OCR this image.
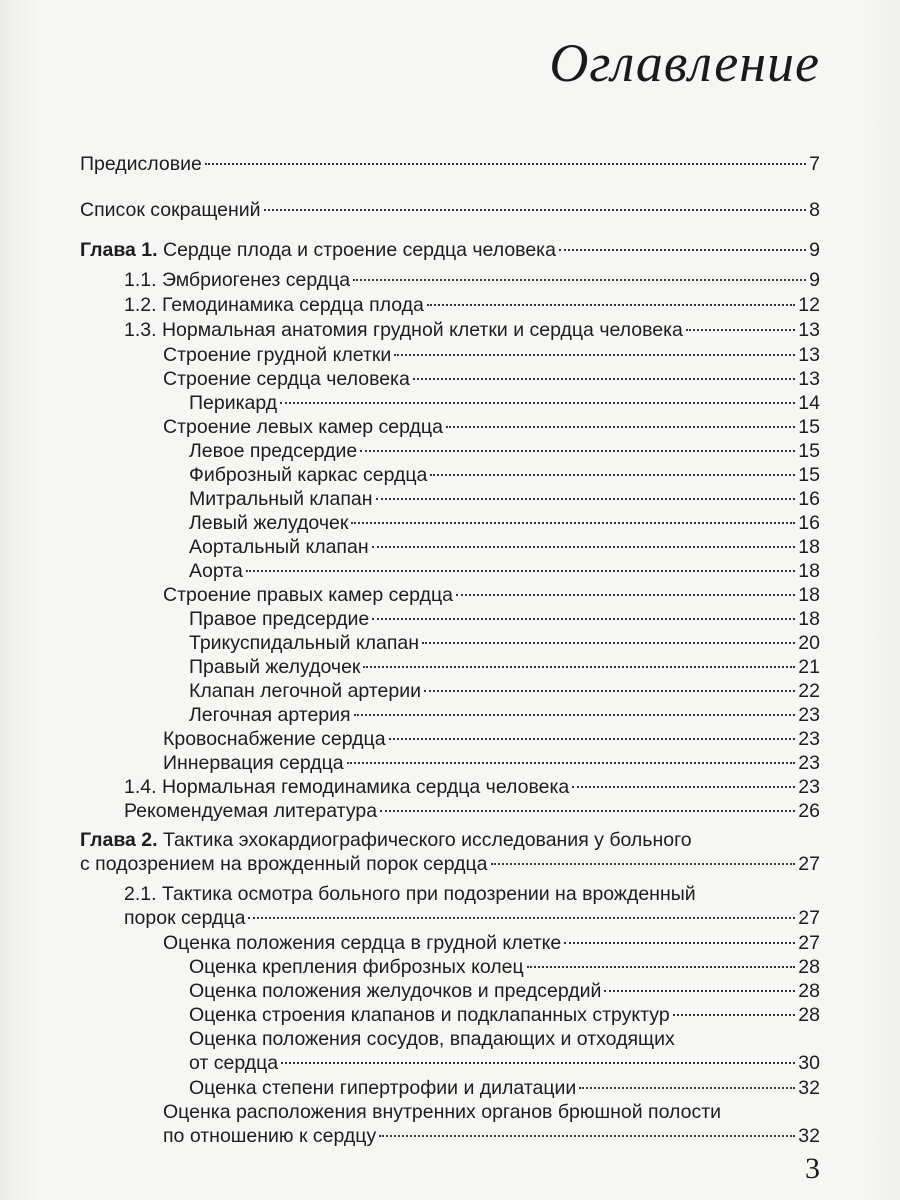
Оглавление
Предисловие	7
Список сокращений	8
Глава 1. Сердце плода и строение сердца человека	9
1.1. Эмбриогенез сердца	9
1.2. Гемодинамика сердца плода	12
1.3. Нормальная анатомия грудной клетки и сердца человека	13
Строение грудной клетки	13
Строение сердца человека	13
Перикард	14
Строение левых камер сердца	15
Левое предсердие	15
Фиброзный каркас сердца	15
Митральный клапан	16
Левый желудочек	16
Аортальный клапан	18
Аорта	18
Строение правых камер сердца	18
Правое предсердие	18
Трикуспидальный клапан	20
Правый желудочек	21
Клапан легочной артерии	22
Легочная артерия	23
Кровоснабжение сердца	23
Иннервация сердца	23
1.4. Нормальная гемодинамика сердца человека	23
Рекомендуемая литература	26
Глава 2. Тактика эхокардиографического исследования у больного
с подозрением на врожденный порок сердца	27
2.1. Тактика осмотра больного при подозрении на врожденный
порок сердца	27
Оценка положения сердца в грудной клетке	27
Оценка крепления фиброзных колец	28
Оценка положения желудочков и предсердий	28
Оценка строения клапанов и подклапанных структур	28
Оценка положения сосудов, впадающих и отходящих
от сердца	30
Оценка степени гипертрофии и дилатации	32
Оценка расположения внутренних органов брюшной полости
по отношению к сердцу	32
3
